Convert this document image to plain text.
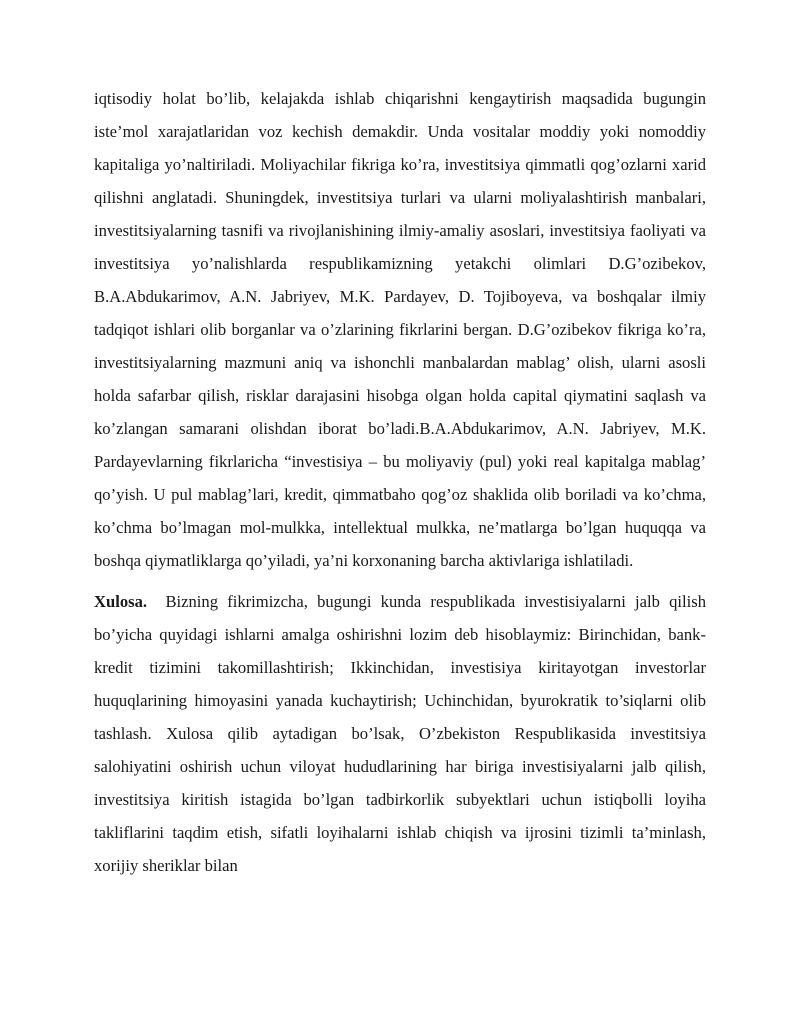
iqtisodiy holat bo’lib, kelajakda ishlab chiqarishni kengaytirish maqsadida bugungin iste’mol xarajatlaridan voz kechish demakdir. Unda vositalar moddiy yoki nomoddiy kapitaliga yo’naltiriladi. Moliyachilar fikriga ko’ra, investitsiya qimmatli qog’ozlarni xarid qilishni anglatadi. Shuningdek, investitsiya turlari va ularni moliyalashtirish manbalari, investitsiyalarning tasnifi va rivojlanishining ilmiy-amaliy asoslari, investitsiya faoliyati va investitsiya yo’nalishlarda respublikamizning yetakchi olimlari D.G’ozibekov, B.A.Abdukarimov, A.N. Jabriyev, M.K. Pardayev, D. Tojiboyeva, va boshqalar ilmiy tadqiqot ishlari olib borganlar va o’zlarining fikrlarini bergan. D.G’ozibekov fikriga ko’ra, investitsiyalarning mazmuni aniq va ishonchli manbalardan mablag’ olish, ularni asosli holda safarbar qilish, risklar darajasini hisobga olgan holda capital qiymatini saqlash va ko’zlangan samarani olishdan iborat bo’ladi.B.A.Abdukarimov, A.N. Jabriyev, M.K. Pardayevlarning fikrlaricha “investisiya – bu moliyaviy (pul) yoki real kapitalga mablag’ qo’yish. U pul mablag’lari, kredit, qimmatbaho qog’oz shaklida olib boriladi va ko’chma, ko’chma bo’lmagan mol-mulkka, intellektual mulkka, ne’matlarga bo’lgan huquqqa va boshqa qiymatliklarga qo’yiladi, ya’ni korxonaning barcha aktivlariga ishlatiladi.

Xulosa. Bizning fikrimizcha, bugungi kunda respublikada investisiyalarni jalb qilish bo’yicha quyidagi ishlarni amalga oshirishni lozim deb hisoblaymiz: Birinchidan, bank-kredit tizimini takomillashtirish; Ikkinchidan, investisiya kiritayotgan investorlar huquqlarining himoyasini yanada kuchaytirish; Uchinchidan, byurokratik to’siqlarni olib tashlash. Xulosa qilib aytadigan bo’lsak, O’zbekiston Respublikasida investitsiya salohiyatini oshirish uchun viloyat hududlarining har biriga investisiyalarni jalb qilish, investitsiya kiritish istagida bo’lgan tadbirkorlik subyektlari uchun istiqbolli loyiha takliflarini taqdim etish, sifatli loyihalarni ishlab chiqish va ijrosini tizimli ta’minlash, xorijiy sheriklar bilan
